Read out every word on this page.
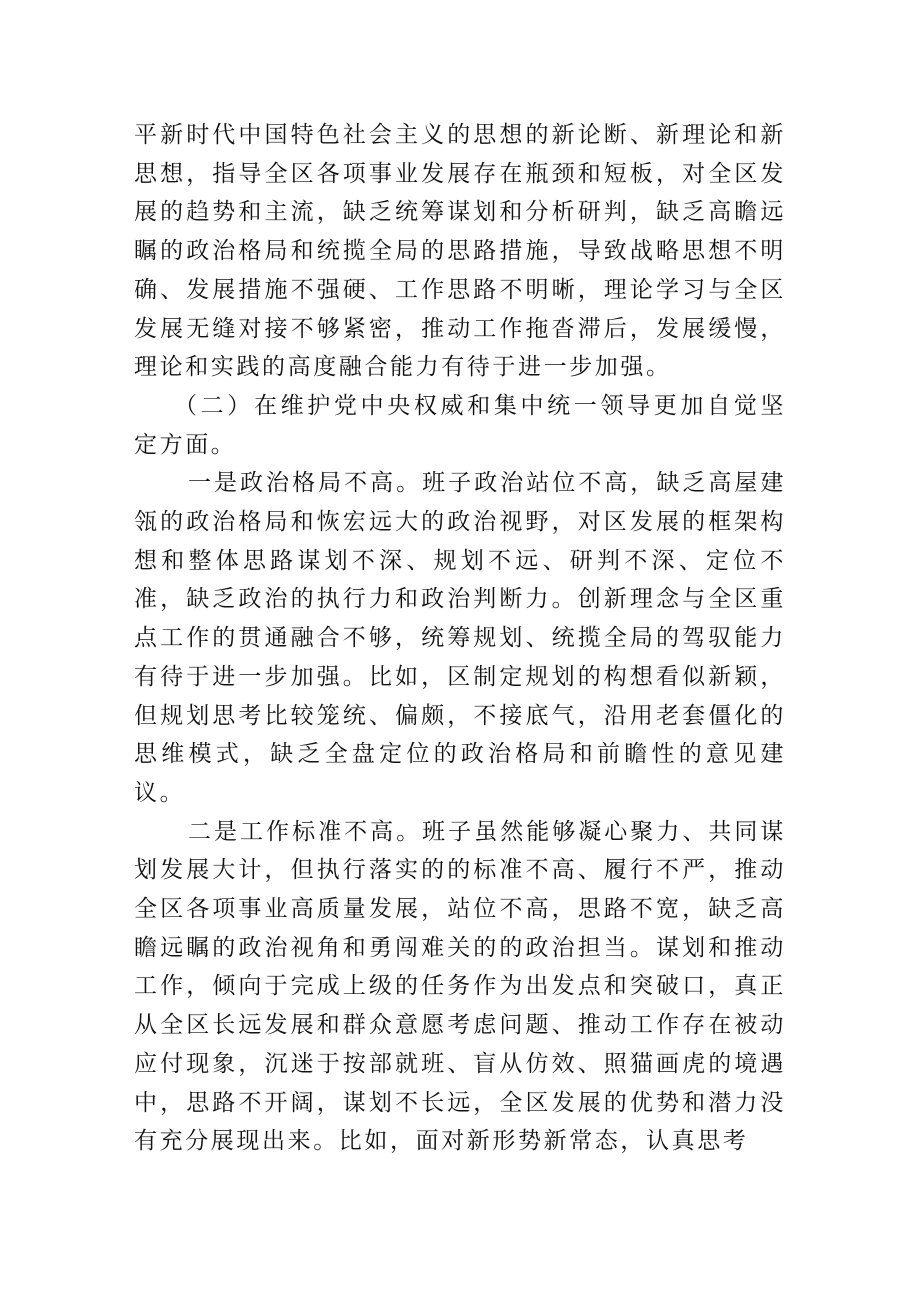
平新时代中国特色社会主义的思想的新论断、新理论和新思想，指导全区各项事业发展存在瓶颈和短板，对全区发展的趋势和主流，缺乏统筹谋划和分析研判，缺乏高瞻远瞩的政治格局和统揽全局的思路措施，导致战略思想不明确、发展措施不强硬、工作思路不明晰，理论学习与全区发展无缝对接不够紧密，推动工作拖沓滞后，发展缓慢，理论和实践的高度融合能力有待于进一步加强。

（二）在维护党中央权威和集中统一领导更加自觉坚定方面。

一是政治格局不高。班子政治站位不高，缺乏高屋建瓴的政治格局和恢宏远大的政治视野，对区发展的框架构想和整体思路谋划不深、规划不远、研判不深、定位不准，缺乏政治的执行力和政治判断力。创新理念与全区重点工作的贯通融合不够，统筹规划、统揽全局的驾驭能力有待于进一步加强。比如，区制定规划的构想看似新颖，但规划思考比较笼统、偏颇，不接底气，沿用老套僵化的思维模式，缺乏全盘定位的政治格局和前瞻性的意见建议。

二是工作标准不高。班子虽然能够凝心聚力、共同谋划发展大计，但执行落实的的标准不高、履行不严，推动全区各项事业高质量发展，站位不高，思路不宽，缺乏高瞻远瞩的政治视角和勇闯难关的的政治担当。谋划和推动工作，倾向于完成上级的任务作为出发点和突破口，真正从全区长远发展和群众意愿考虑问题、推动工作存在被动应付现象，沉迷于按部就班、盲从仿效、照猫画虎的境遇中，思路不开阔，谋划不长远，全区发展的优势和潜力没有充分展现出来。比如，面对新形势新常态，认真思考
